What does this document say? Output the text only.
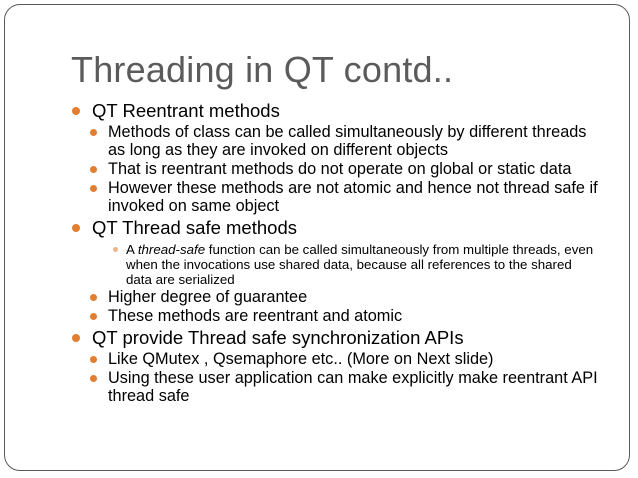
Threading in QT contd..

QT Reentrant methods

Methods of class can be called simultaneously by different threads as long as they are invoked on different objects

That is reentrant methods do not operate on global or static data

However these methods are not atomic and hence not thread safe if invoked on same object

QT Thread safe methods

A thread-safe function can be called simultaneously from multiple threads, even when the invocations use shared data, because all references to the shared data are serialized

Higher degree of guarantee

These methods are reentrant and atomic

QT provide Thread safe synchronization APIs

Like QMutex , Qsemaphore etc.. (More on Next slide)

Using these user application can make explicitly make reentrant API thread safe
